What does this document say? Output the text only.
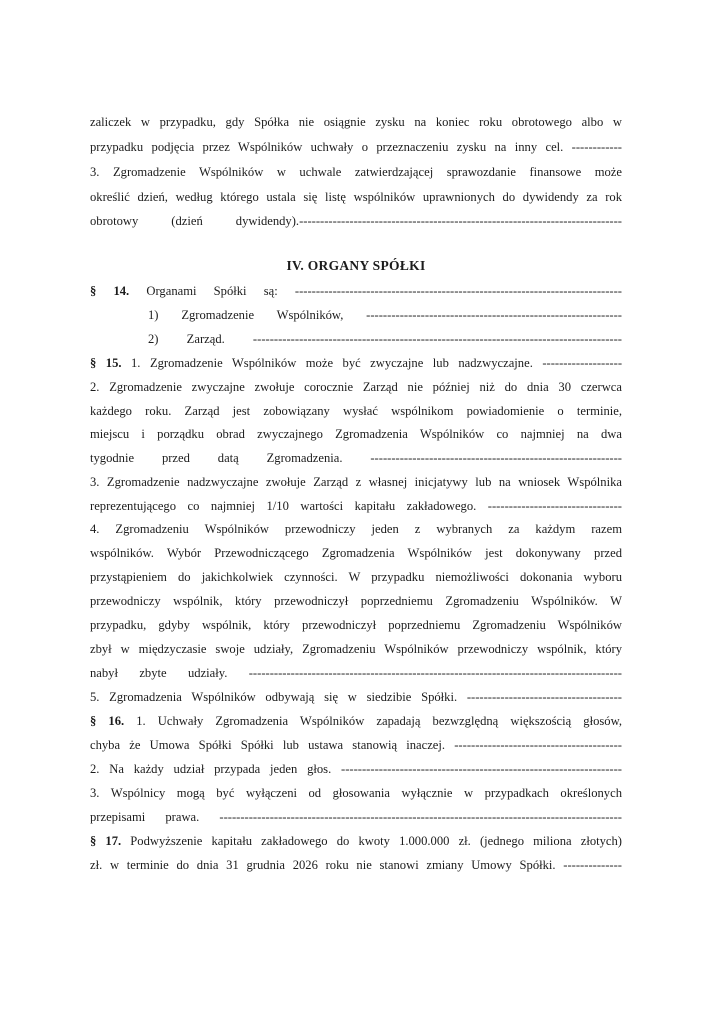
zaliczek w przypadku, gdy Spółka nie osiągnie zysku na koniec roku obrotowego albo w
przypadku podjęcia przez Wspólników uchwały o przeznaczeniu zysku na inny cel. ------------
3. Zgromadzenie Wspólników w uchwale zatwierdzającej sprawozdanie finansowe może
określić dzień, według którego ustala się listę wspólników uprawnionych do dywidendy za rok
obrotowy (dzień dywidendy).-----------------------------------------------------------------------------
IV. ORGANY SPÓŁKI
§ 14. Organami Spółki są: ------------------------------------------------------------------------------
1) Zgromadzenie Wspólników, -------------------------------------------------------------
2) Zarząd. ----------------------------------------------------------------------------------------
§ 15. 1. Zgromadzenie Wspólników może być zwyczajne lub nadzwyczajne. -------------------
2. Zgromadzenie zwyczajne zwołuje corocznie Zarząd nie później niż do dnia 30 czerwca
każdego roku. Zarząd jest zobowiązany wysłać wspólnikom powiadomienie o terminie,
miejscu i porządku obrad zwyczajnego Zgromadzenia Wspólników co najmniej na dwa
tygodnie przed datą Zgromadzenia. ------------------------------------------------------------
3. Zgromadzenie nadzwyczajne zwołuje Zarząd z własnej inicjatywy lub na wniosek Wspólnika
reprezentującego co najmniej 1/10 wartości kapitału zakładowego. --------------------------------
4. Zgromadzeniu Wspólników przewodniczy jeden z wybranych za każdym razem
wspólników. Wybór Przewodniczącego Zgromadzenia Wspólników jest dokonywany przed
przystąpieniem do jakichkolwiek czynności. W przypadku niemożliwości dokonania wyboru
przewodniczy wspólnik, który przewodniczył poprzedniemu Zgromadzeniu Wspólników. W
przypadku, gdyby wspólnik, który przewodniczył poprzedniemu Zgromadzeniu Wspólników
zbył w międzyczasie swoje udziały, Zgromadzeniu Wspólników przewodniczy wspólnik, który
nabył zbyte udziały. -----------------------------------------------------------------------------------------
5. Zgromadzenia Wspólników odbywają się w siedzibie Spółki. -------------------------------------
§ 16. 1. Uchwały Zgromadzenia Wspólników zapadają bezwzględną większością głosów,
chyba że Umowa Spółki Spółki lub ustawa stanowią inaczej. ----------------------------------------
2. Na każdy udział przypada jeden głos. -------------------------------------------------------------------
3. Wspólnicy mogą być wyłączeni od głosowania wyłącznie w przypadkach określonych
przepisami prawa. ------------------------------------------------------------------------------------------------
§ 17. Podwyższenie kapitału zakładowego do kwoty 1.000.000 zł. (jednego miliona złotych)
zł. w terminie do dnia 31 grudnia 2026 roku nie stanowi zmiany Umowy Spółki. --------------
